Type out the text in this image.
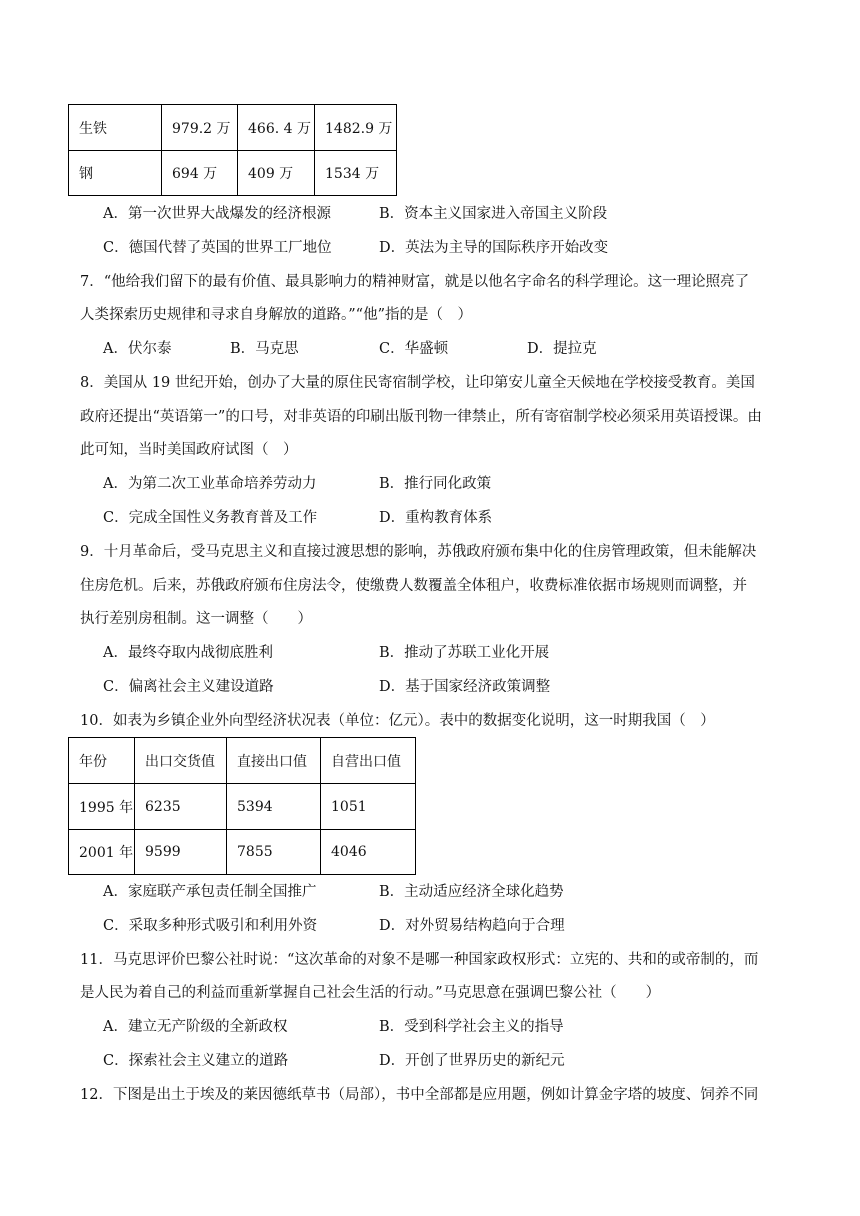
生铁	979.2 万	466. 4 万	1482.9 万
钢	694 万	409 万	1534 万
A．第一次世界大战爆发的经济根源	B．资本主义国家进入帝国主义阶段
C．德国代替了英国的世界工厂地位	D．英法为主导的国际秩序开始改变
7．“他给我们留下的最有价值、最具影响力的精神财富，就是以他名字命名的科学理论。这一理论照亮了
人类探索历史规律和寻求自身解放的道路。”“他”指的是（　）
A．伏尔泰	B．马克思	C．华盛顿	D．提拉克
8．美国从 19 世纪开始，创办了大量的原住民寄宿制学校，让印第安儿童全天候地在学校接受教育。美国
政府还提出“英语第一”的口号，对非英语的印刷出版刊物一律禁止，所有寄宿制学校必须采用英语授课。由
此可知，当时美国政府试图（　）
A．为第二次工业革命培养劳动力	B．推行同化政策
C．完成全国性义务教育普及工作	D．重构教育体系
9．十月革命后，受马克思主义和直接过渡思想的影响，苏俄政府颁布集中化的住房管理政策，但未能解决
住房危机。后来，苏俄政府颁布住房法令，使缴费人数覆盖全体租户，收费标准依据市场规则而调整，并
执行差别房租制。这一调整（　　）
A．最终夺取内战彻底胜利	B．推动了苏联工业化开展
C．偏离社会主义建设道路	D．基于国家经济政策调整
10．如表为乡镇企业外向型经济状况表（单位：亿元）。表中的数据变化说明，这一时期我国（　）
年份	出口交货值	直接出口值	自营出口值
1995 年	6235	5394	1051
2001 年	9599	7855	4046
A．家庭联产承包责任制全国推广	B．主动适应经济全球化趋势
C．采取多种形式吸引和利用外资	D．对外贸易结构趋向于合理
11．马克思评价巴黎公社时说：“这次革命的对象不是哪一种国家政权形式：立宪的、共和的或帝制的，而
是人民为着自己的利益而重新掌握自己社会生活的行动。”马克思意在强调巴黎公社（　　）
A．建立无产阶级的全新政权	B．受到科学社会主义的指导
C．探索社会主义建立的道路	D．开创了世界历史的新纪元
12．下图是出土于埃及的莱因德纸草书（局部），书中全部都是应用题，例如计算金字塔的坡度、饲养不同
